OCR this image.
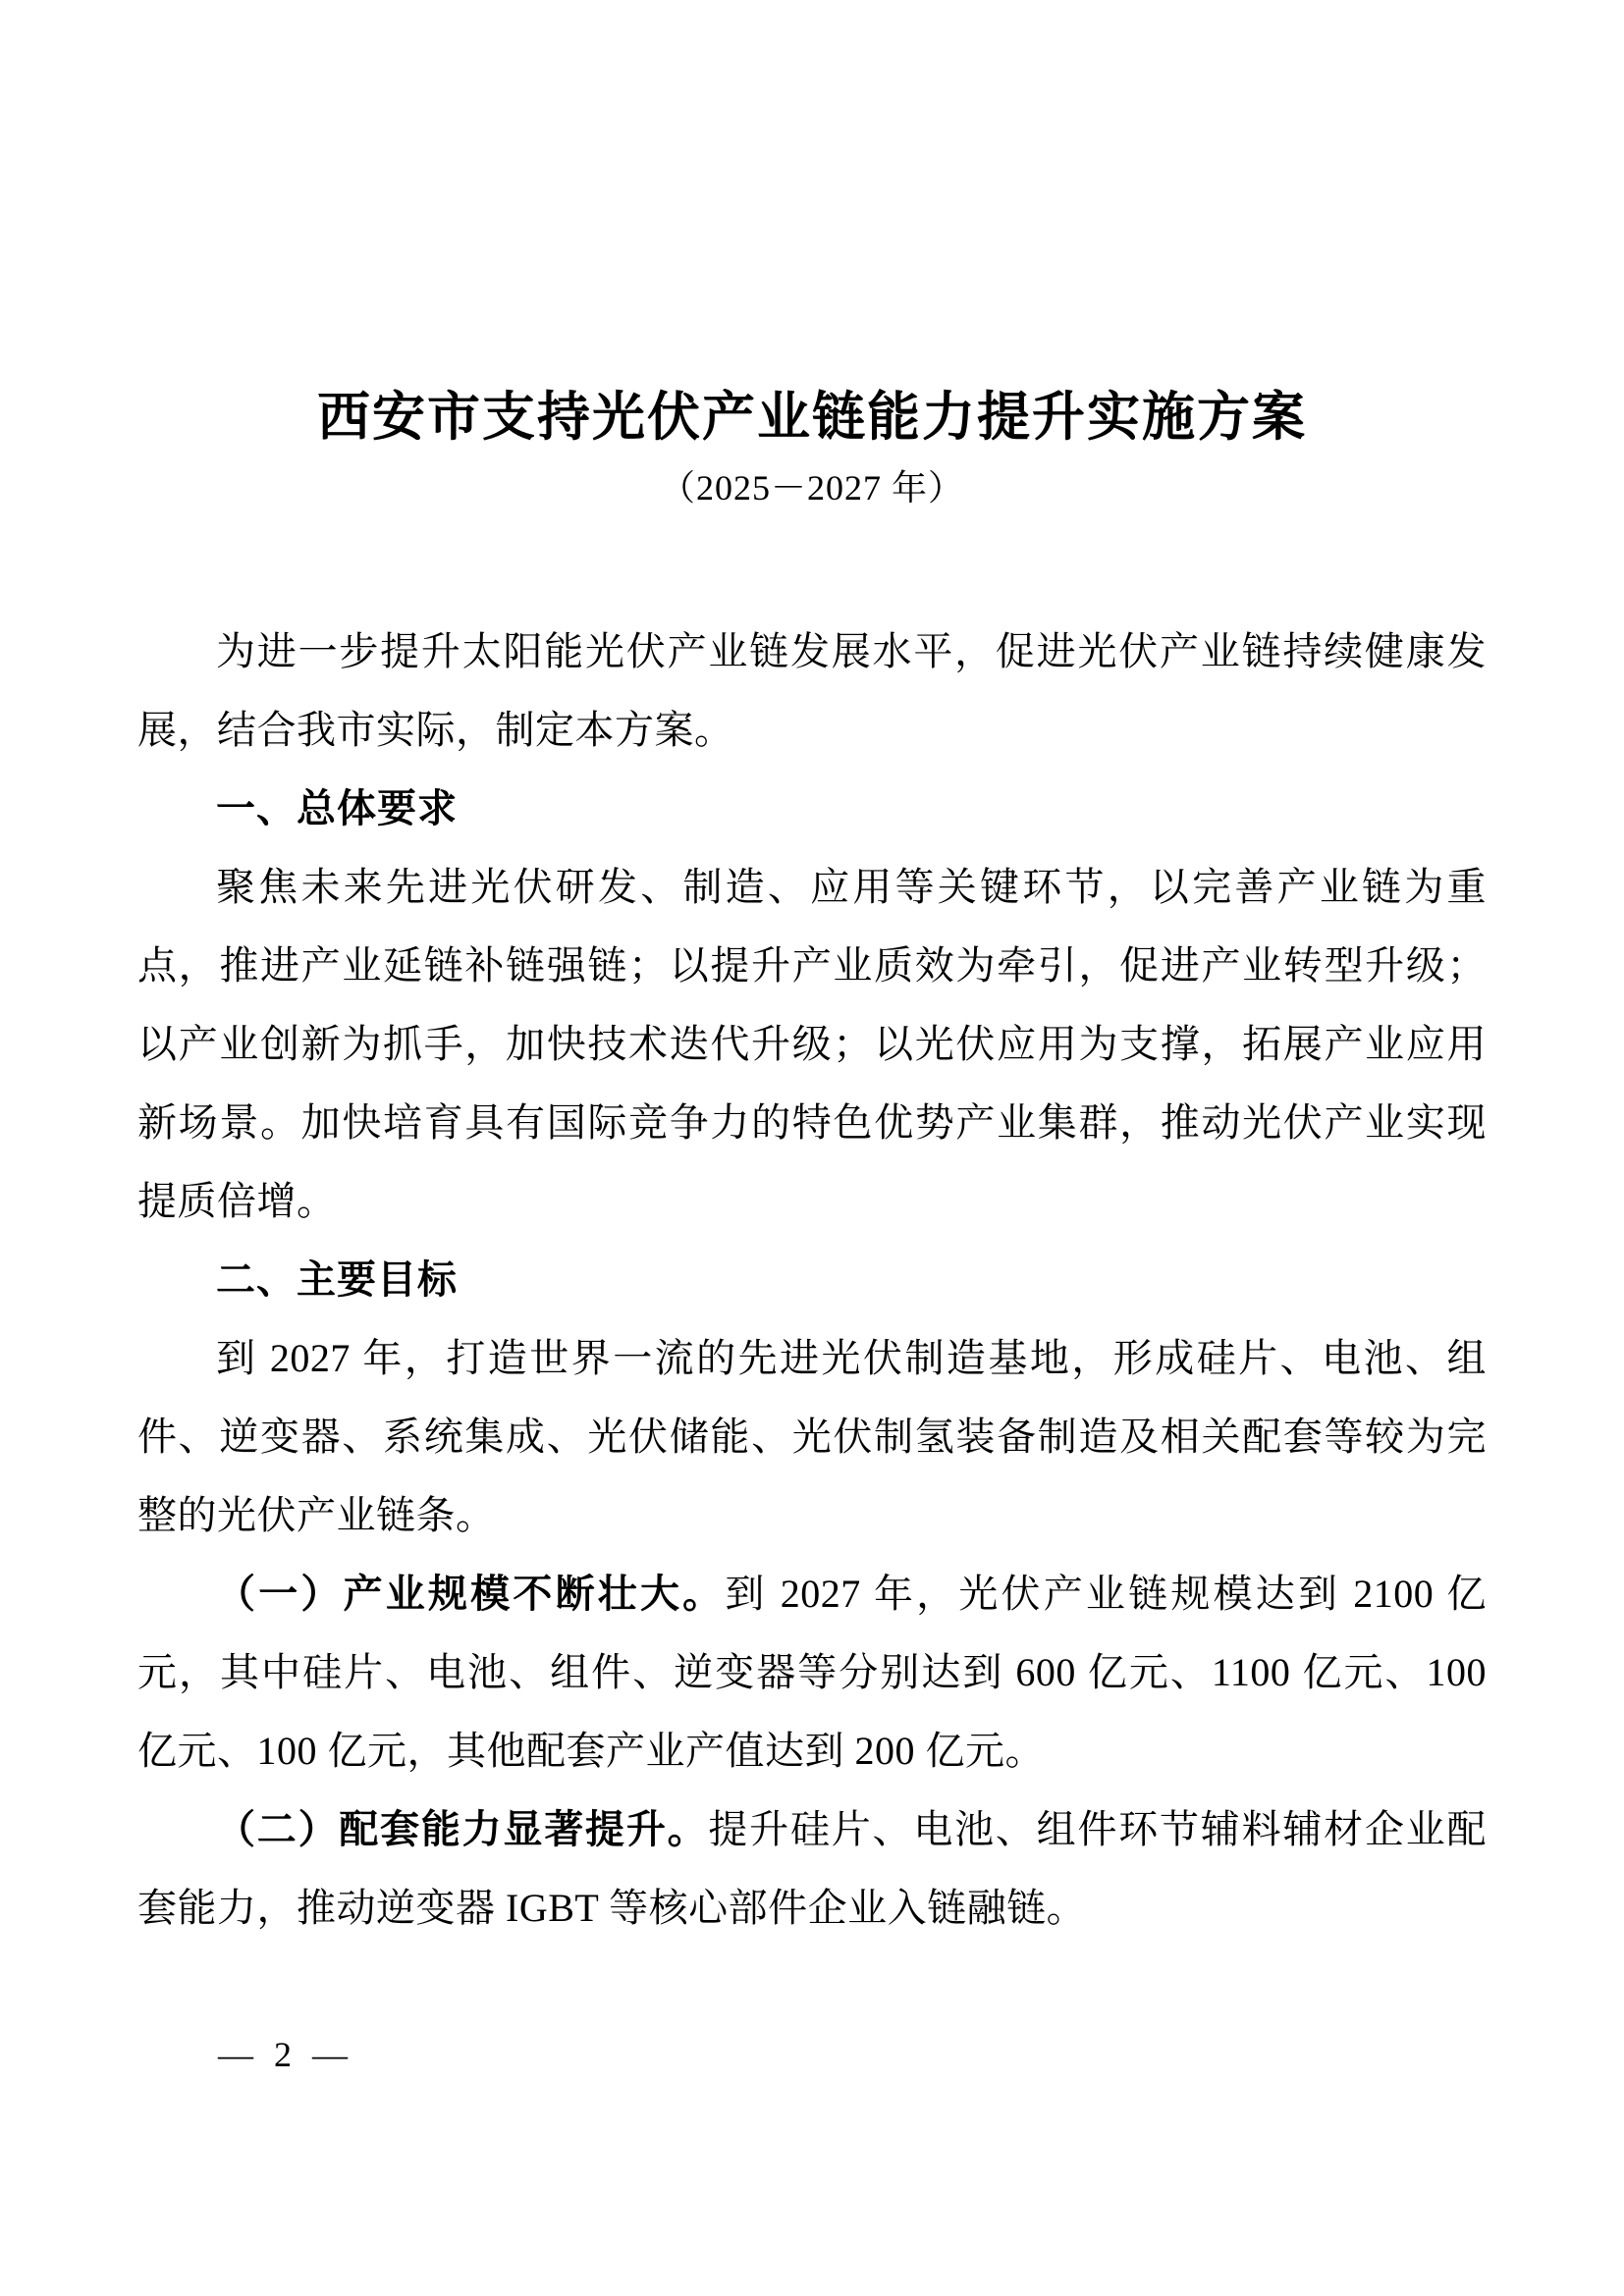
西安市支持光伏产业链能力提升实施方案
（2025－2027 年）

为进一步提升太阳能光伏产业链发展水平，促进光伏产业链持续健康发展，结合我市实际，制定本方案。

一、总体要求

聚焦未来先进光伏研发、制造、应用等关键环节，以完善产业链为重点，推进产业延链补链强链；以提升产业质效为牵引，促进产业转型升级；以产业创新为抓手，加快技术迭代升级；以光伏应用为支撑，拓展产业应用新场景。加快培育具有国际竞争力的特色优势产业集群，推动光伏产业实现提质倍增。

二、主要目标

到 2027 年，打造世界一流的先进光伏制造基地，形成硅片、电池、组件、逆变器、系统集成、光伏储能、光伏制氢装备制造及相关配套等较为完整的光伏产业链条。

（一）产业规模不断壮大。到 2027 年，光伏产业链规模达到 2100 亿元，其中硅片、电池、组件、逆变器等分别达到 600 亿元、1100 亿元、100 亿元、100 亿元，其他配套产业产值达到 200 亿元。

（二）配套能力显著提升。提升硅片、电池、组件环节辅料辅材企业配套能力，推动逆变器 IGBT 等核心部件企业入链融链。

— 2 —
